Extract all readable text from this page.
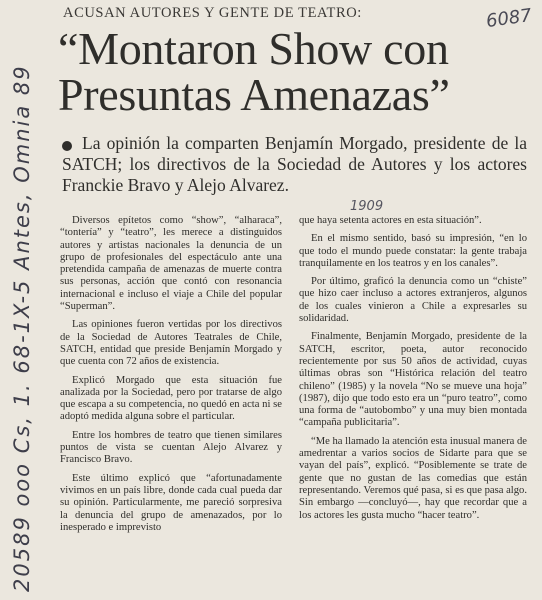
20589 ooo Cs, 1. 68-1X-5 Antes, Omnia 89
6087
ACUSAN AUTORES Y GENTE DE TEATRO:
“Montaron Show con
Presuntas Amenazas”
La opinión la comparten Benjamín Morgado, presidente de la SATCH; los directivos de la Sociedad de Autores y los actores Franckie Bravo y Alejo Alvarez.
1909

Diversos epítetos como “show”, “alharaca”, “tontería” y “teatro”, les merece a distinguidos autores y artistas nacionales la denuncia de un grupo de profesionales del espectáculo ante una pretendida campaña de amenazas de muerte contra sus personas, acción que contó con resonancia internacional e incluso el viaje a Chile del popular “Superman”.

Las opiniones fueron vertidas por los directivos de la Sociedad de Autores Teatrales de Chile, SATCH, entidad que preside Benjamín Morgado y que cuenta con 72 años de existencia.

Explicó Morgado que esta situación fue analizada por la Sociedad, pero por tratarse de algo que escapa a su competencia, no quedó en acta ni se adoptó medida alguna sobre el particular.

Entre los hombres de teatro que tienen similares puntos de vista se cuentan Alejo Alvarez y Francisco Bravo.

Este último explicó que “afortunadamente vivimos en un país libre, donde cada cual pueda dar su opinión. Particularmente, me pareció sorpresiva la denuncia del grupo de amenazados, por lo inesperado e imprevisto

que haya setenta actores en esta situación”.

En el mismo sentido, basó su impresión, “en lo que todo el mundo puede constatar: la gente trabaja tranquilamente en los teatros y en los canales”.

Por último, graficó la denuncia como un “chiste” que hizo caer incluso a actores extranjeros, algunos de los cuales vinieron a Chile a expresarles su solidaridad.

Finalmente, Benjamín Morgado, presidente de la SATCH, escritor, poeta, autor reconocido recientemente por sus 50 años de actividad, cuyas últimas obras son “Histórica relación del teatro chileno” (1985) y la novela “No se mueve una hoja” (1987), dijo que todo esto era un “puro teatro”, como una forma de “autobombo” y una muy bien montada “campaña publicitaria”.

“Me ha llamado la atención esta inusual manera de amedrentar a varios socios de Sidarte para que se vayan del país”, explicó. “Posiblemente se trate de gente que no gustan de las comedias que están representando. Veremos qué pasa, si es que pasa algo. Sin embargo —concluyó—, hay que recordar que a los actores les gusta mucho “hacer teatro”.
